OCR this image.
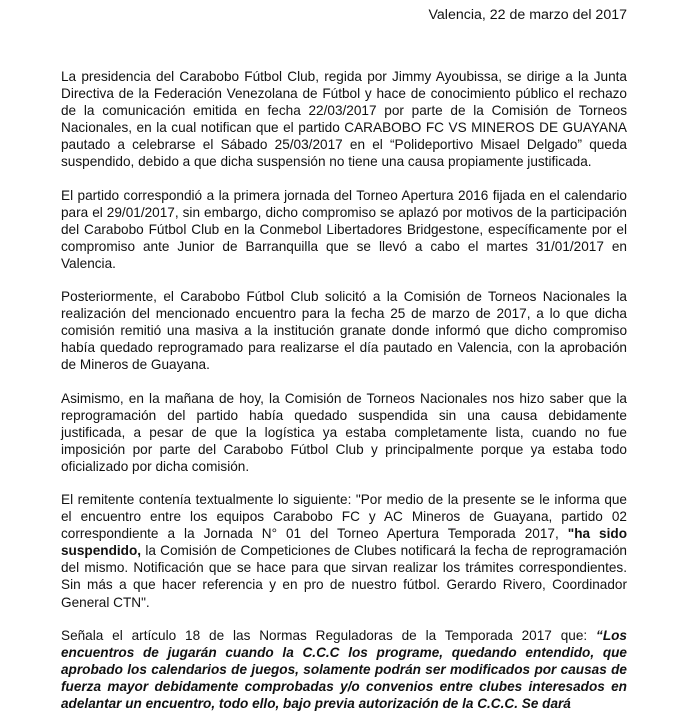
Valencia, 22 de marzo del 2017

La presidencia del Carabobo Fútbol Club, regida por Jimmy Ayoubissa, se dirige a la Junta Directiva de la Federación Venezolana de Fútbol y hace de conocimiento público el rechazo de la comunicación emitida en fecha 22/03/2017 por parte de la Comisión de Torneos Nacionales, en la cual notifican que el partido CARABOBO FC VS MINEROS DE GUAYANA pautado a celebrarse el Sábado 25/03/2017 en el “Polideportivo Misael Delgado” queda suspendido, debido a que dicha suspensión no tiene una causa propiamente justificada.

El partido correspondió a la primera jornada del Torneo Apertura 2016 fijada en el calendario para el 29/01/2017, sin embargo, dicho compromiso se aplazó por motivos de la participación del Carabobo Fútbol Club en la Conmebol Libertadores Bridgestone, específicamente por el compromiso ante Junior de Barranquilla que se llevó a cabo el martes 31/01/2017 en Valencia.

Posteriormente, el Carabobo Fútbol Club solicitó a la Comisión de Torneos Nacionales la realización del mencionado encuentro para la fecha 25 de marzo de 2017, a lo que dicha comisión remitió una masiva a la institución granate donde informó que dicho compromiso había quedado reprogramado para realizarse el día pautado en Valencia, con la aprobación de Mineros de Guayana.

Asimismo, en la mañana de hoy, la Comisión de Torneos Nacionales nos hizo saber que la reprogramación del partido había quedado suspendida sin una causa debidamente justificada, a pesar de que la logística ya estaba completamente lista, cuando no fue imposición por parte del Carabobo Fútbol Club y principalmente porque ya estaba todo oficializado por dicha comisión.

El remitente contenía textualmente lo siguiente: "Por medio de la presente se le informa que el encuentro entre los equipos Carabobo FC y AC Mineros de Guayana, partido 02 correspondiente a la Jornada N° 01 del Torneo Apertura Temporada 2017, "ha sido suspendido, la Comisión de Competiciones de Clubes notificará la fecha de reprogramación del mismo. Notificación que se hace para que sirvan realizar los trámites correspondientes. Sin más a que hacer referencia y en pro de nuestro fútbol. Gerardo Rivero, Coordinador General CTN".

Señala el artículo 18 de las Normas Reguladoras de la Temporada 2017 que: “Los encuentros de jugarán cuando la C.C.C los programe, quedando entendido, que aprobado los calendarios de juegos, solamente podrán ser modificados por causas de fuerza mayor debidamente comprobadas y/o convenios entre clubes interesados en adelantar un encuentro, todo ello, bajo previa autorización de la C.C.C. Se dará
